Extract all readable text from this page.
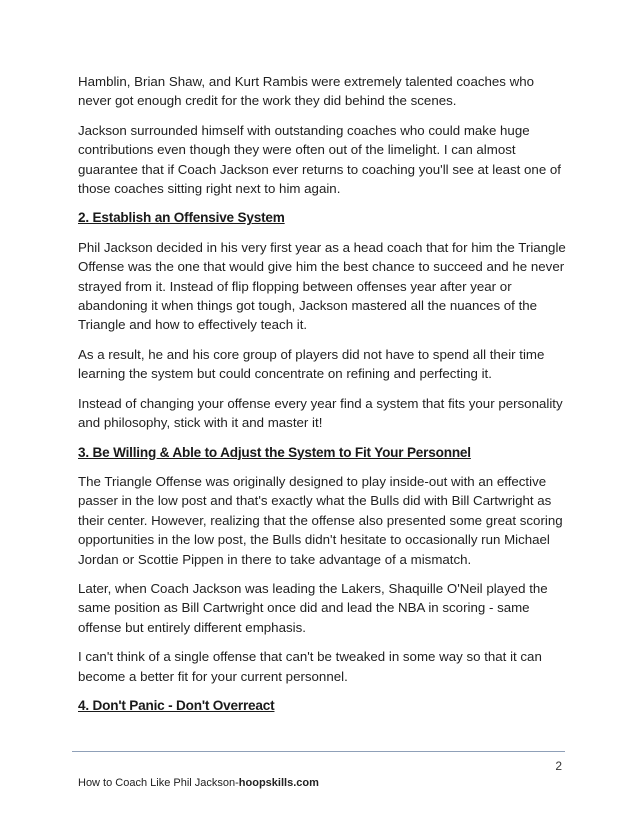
Hamblin, Brian Shaw, and Kurt Rambis were extremely talented coaches who never got enough credit for the work they did behind the scenes.

Jackson surrounded himself with outstanding coaches who could make huge contributions even though they were often out of the limelight. I can almost guarantee that if Coach Jackson ever returns to coaching you'll see at least one of those coaches sitting right next to him again.

2. Establish an Offensive System

Phil Jackson decided in his very first year as a head coach that for him the Triangle Offense was the one that would give him the best chance to succeed and he never strayed from it. Instead of flip flopping between offenses year after year or abandoning it when things got tough, Jackson mastered all the nuances of the Triangle and how to effectively teach it.

As a result, he and his core group of players did not have to spend all their time learning the system but could concentrate on refining and perfecting it.

Instead of changing your offense every year find a system that fits your personality and philosophy, stick with it and master it!

3. Be Willing & Able to Adjust the System to Fit Your Personnel

The Triangle Offense was originally designed to play inside-out with an effective passer in the low post and that's exactly what the Bulls did with Bill Cartwright as their center. However, realizing that the offense also presented some great scoring opportunities in the low post, the Bulls didn't hesitate to occasionally run Michael Jordan or Scottie Pippen in there to take advantage of a mismatch.

Later, when Coach Jackson was leading the Lakers, Shaquille O'Neil played the same position as Bill Cartwright once did and lead the NBA in scoring - same offense but entirely different emphasis.

I can't think of a single offense that can't be tweaked in some way so that it can become a better fit for your current personnel.

4. Don't Panic - Don't Overreact
2
How to Coach Like Phil Jackson-hoopskills.com
